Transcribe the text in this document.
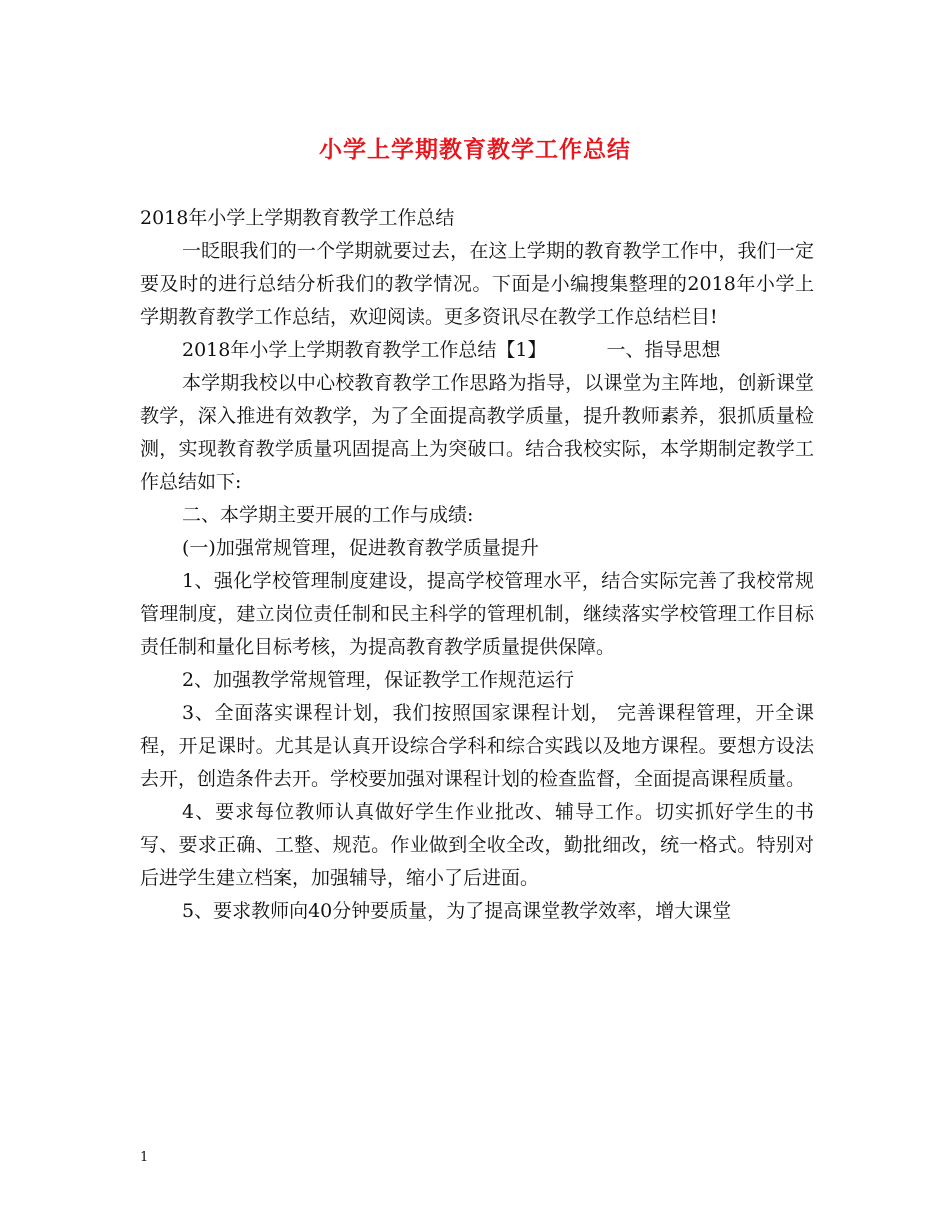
小学上学期教育教学工作总结

2018年小学上学期教育教学工作总结

一眨眼我们的一个学期就要过去，在这上学期的教育教学工作中，我们一定要及时的进行总结分析我们的教学情况。下面是小编搜集整理的2018年小学上学期教育教学工作总结，欢迎阅读。更多资讯尽在教学工作总结栏目!

2018年小学上学期教育教学工作总结【1】	一、指导思想

本学期我校以中心校教育教学工作思路为指导，以课堂为主阵地，创新课堂教学，深入推进有效教学，为了全面提高教学质量，提升教师素养，狠抓质量检测，实现教育教学质量巩固提高上为突破口。结合我校实际，本学期制定教学工作总结如下:

二、本学期主要开展的工作与成绩:

(一)加强常规管理，促进教育教学质量提升

1、强化学校管理制度建设，提高学校管理水平，结合实际完善了我校常规管理制度，建立岗位责任制和民主科学的管理机制，继续落实学校管理工作目标责任制和量化目标考核，为提高教育教学质量提供保障。

2、加强教学常规管理，保证教学工作规范运行

3、全面落实课程计划，我们按照国家课程计划， 完善课程管理，开全课程，开足课时。尤其是认真开设综合学科和综合实践以及地方课程。要想方设法去开，创造条件去开。学校要加强对课程计划的检查监督，全面提高课程质量。

4、要求每位教师认真做好学生作业批改、辅导工作。切实抓好学生的书写、要求正确、工整、规范。作业做到全收全改，勤批细改，统一格式。特别对后进学生建立档案，加强辅导，缩小了后进面。

5、要求教师向40分钟要质量，为了提高课堂教学效率，增大课堂

1
